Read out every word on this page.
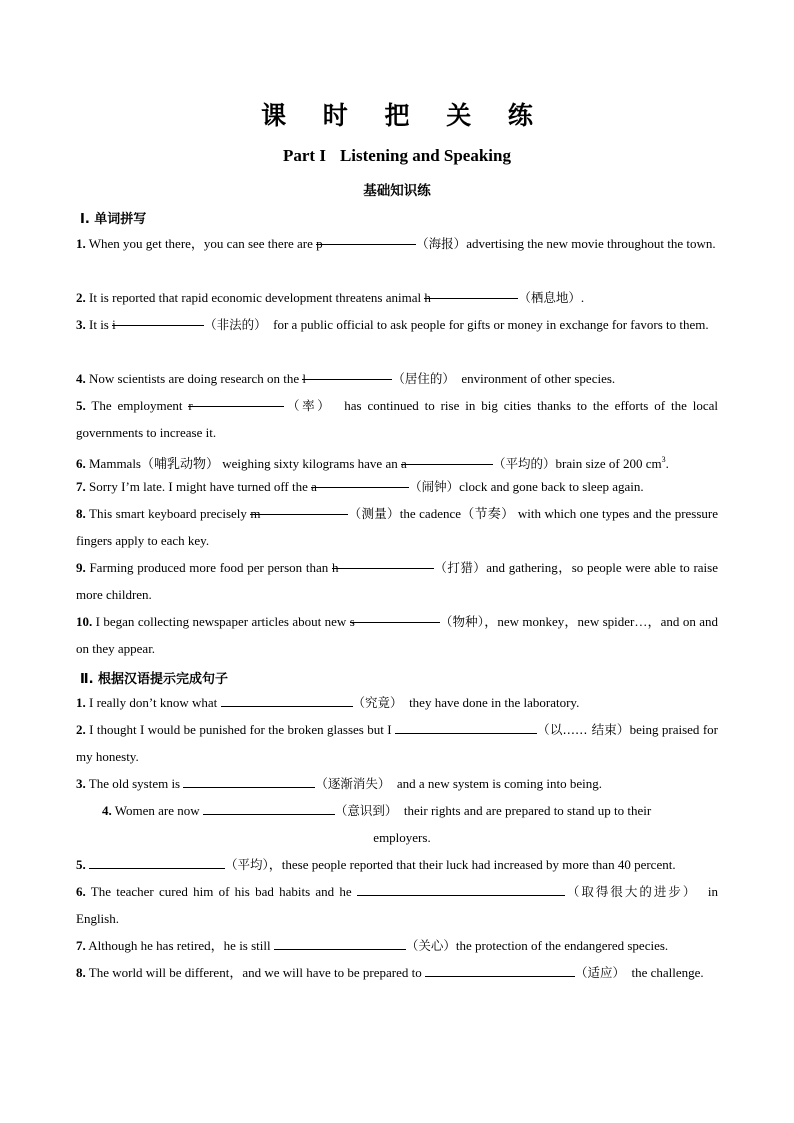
课 时 把 关 练
Part I Listening and Speaking
基础知识练
Ⅰ. 单词拼写
1. When you get there，you can see there are p	（海报）advertising the new movie throughout the town.
2. It is reported that rapid economic development threatens animal h	（栖息地）.
3. It is i	（非法的） for a public official to ask people for gifts or money in exchange for favors to them.
4. Now scientists are doing research on the l	（居住的） environment of other species.
5. The employment r	（率） has continued to rise in big cities thanks to the efforts of the local governments to increase it.
6. Mammals（哺乳动物） weighing sixty kilograms have an a	（平均的）brain size of 200 $cm^3$.
7. Sorry I’m late. I might have turned off the a	（闹钟）clock and gone back to sleep again.
8. This smart keyboard precisely m	（测量）the cadence（节奏） with which one types and the pressure fingers apply to each key.
9. Farming produced more food per person than h	（打猎）and gathering，so people were able to raise more children.
10. I began collecting newspaper articles about new s	（物种），new monkey，new spider…，and on and on they appear.
Ⅱ. 根据汉语提示完成句子
1. I really don’t know what	（究竟） they have done in the laboratory.
2. I thought I would be punished for the broken glasses but I	（以…… 结束）being praised for my honesty.
3. The old system is	（逐渐消失） and a new system is coming into being.
4. Women are now	（意识到） their rights and are prepared to stand up to their
employers.
5.	（平均），these people reported that their luck had increased by more than 40 percent.
6. The teacher cured him of his bad habits and he	（取得很大的进步） in English.
7. Although he has retired，he is still	（关心）the protection of the endangered species.
8. The world will be different，and we will have to be prepared to	（适应） the challenge.
